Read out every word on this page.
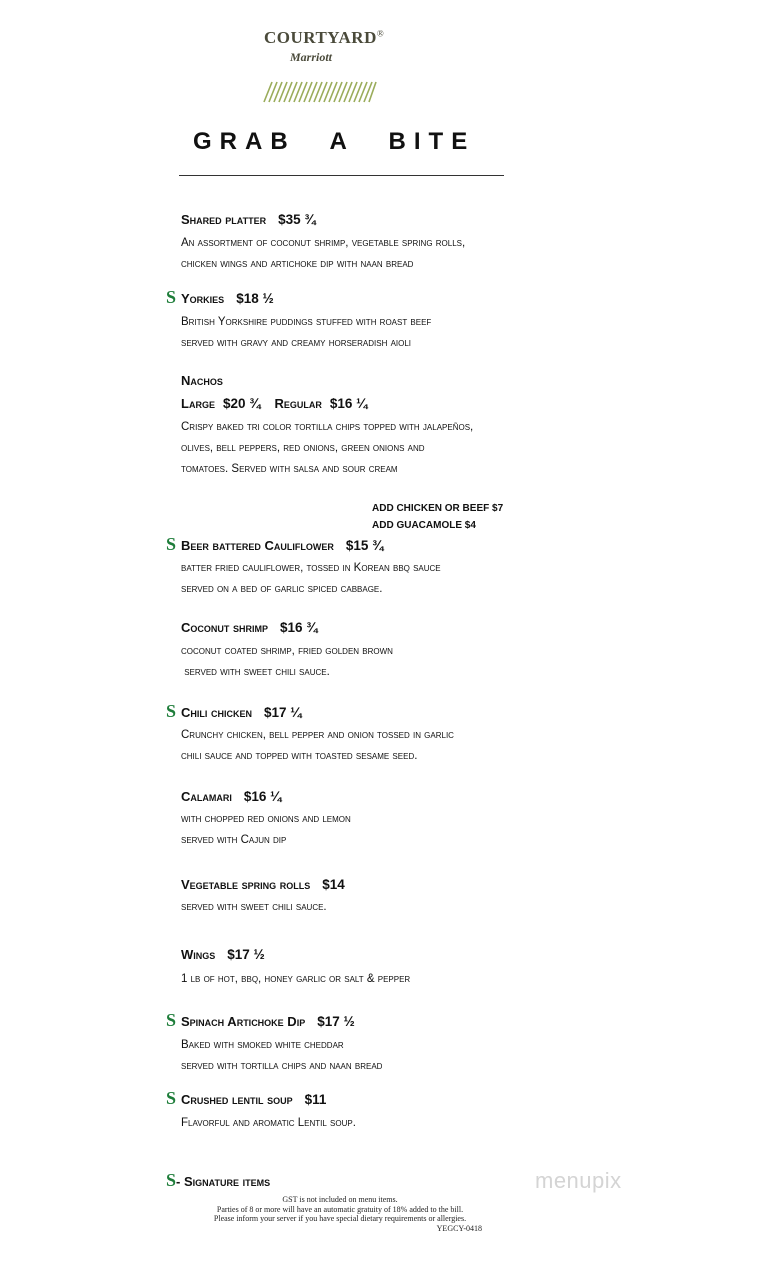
COURTYARD®
Marriott
GRAB A BITE
Shared platter $35 ¾
An assortment of coconut shrimp, vegetable spring rolls,
chicken wings and artichoke dip with naan bread
S Yorkies $18 ½
British Yorkshire puddings stuffed with roast beef
served with gravy and creamy horseradish aioli
Nachos
Large $20 ¾ Regular $16 ¼
Crispy baked tri color tortilla chips topped with jalapeños,
olives, bell peppers, red onions, green onions and
tomatoes. Served with salsa and sour cream
ADD CHICKEN OR BEEF $7
ADD GUACAMOLE $4
S Beer battered Cauliflower $15 ¾
batter fried cauliflower, tossed in Korean bbq sauce
served on a bed of garlic spiced cabbage.
Coconut shrimp $16 ¾
coconut coated shrimp, fried golden brown
served with sweet chili sauce.
S Chili chicken $17 ¼
Crunchy chicken, bell pepper and onion tossed in garlic
chili sauce and topped with toasted sesame seed.
Calamari $16 ¼
with chopped red onions and lemon
served with Cajun dip
Vegetable spring rolls $14
served with sweet chili sauce.
Wings $17 ½
1 lb of hot, bbq, honey garlic or salt & pepper
S Spinach Artichoke Dip $17 ½
Baked with smoked white cheddar
served with tortilla chips and naan bread
S Crushed lentil soup $11
Flavorful and aromatic Lentil soup.
S- Signature items	menupix
GST is not included on menu items.
Parties of 8 or more will have an automatic gratuity of 18% added to the bill.
Please inform your server if you have special dietary requirements or allergies.
YEGCY-0418
